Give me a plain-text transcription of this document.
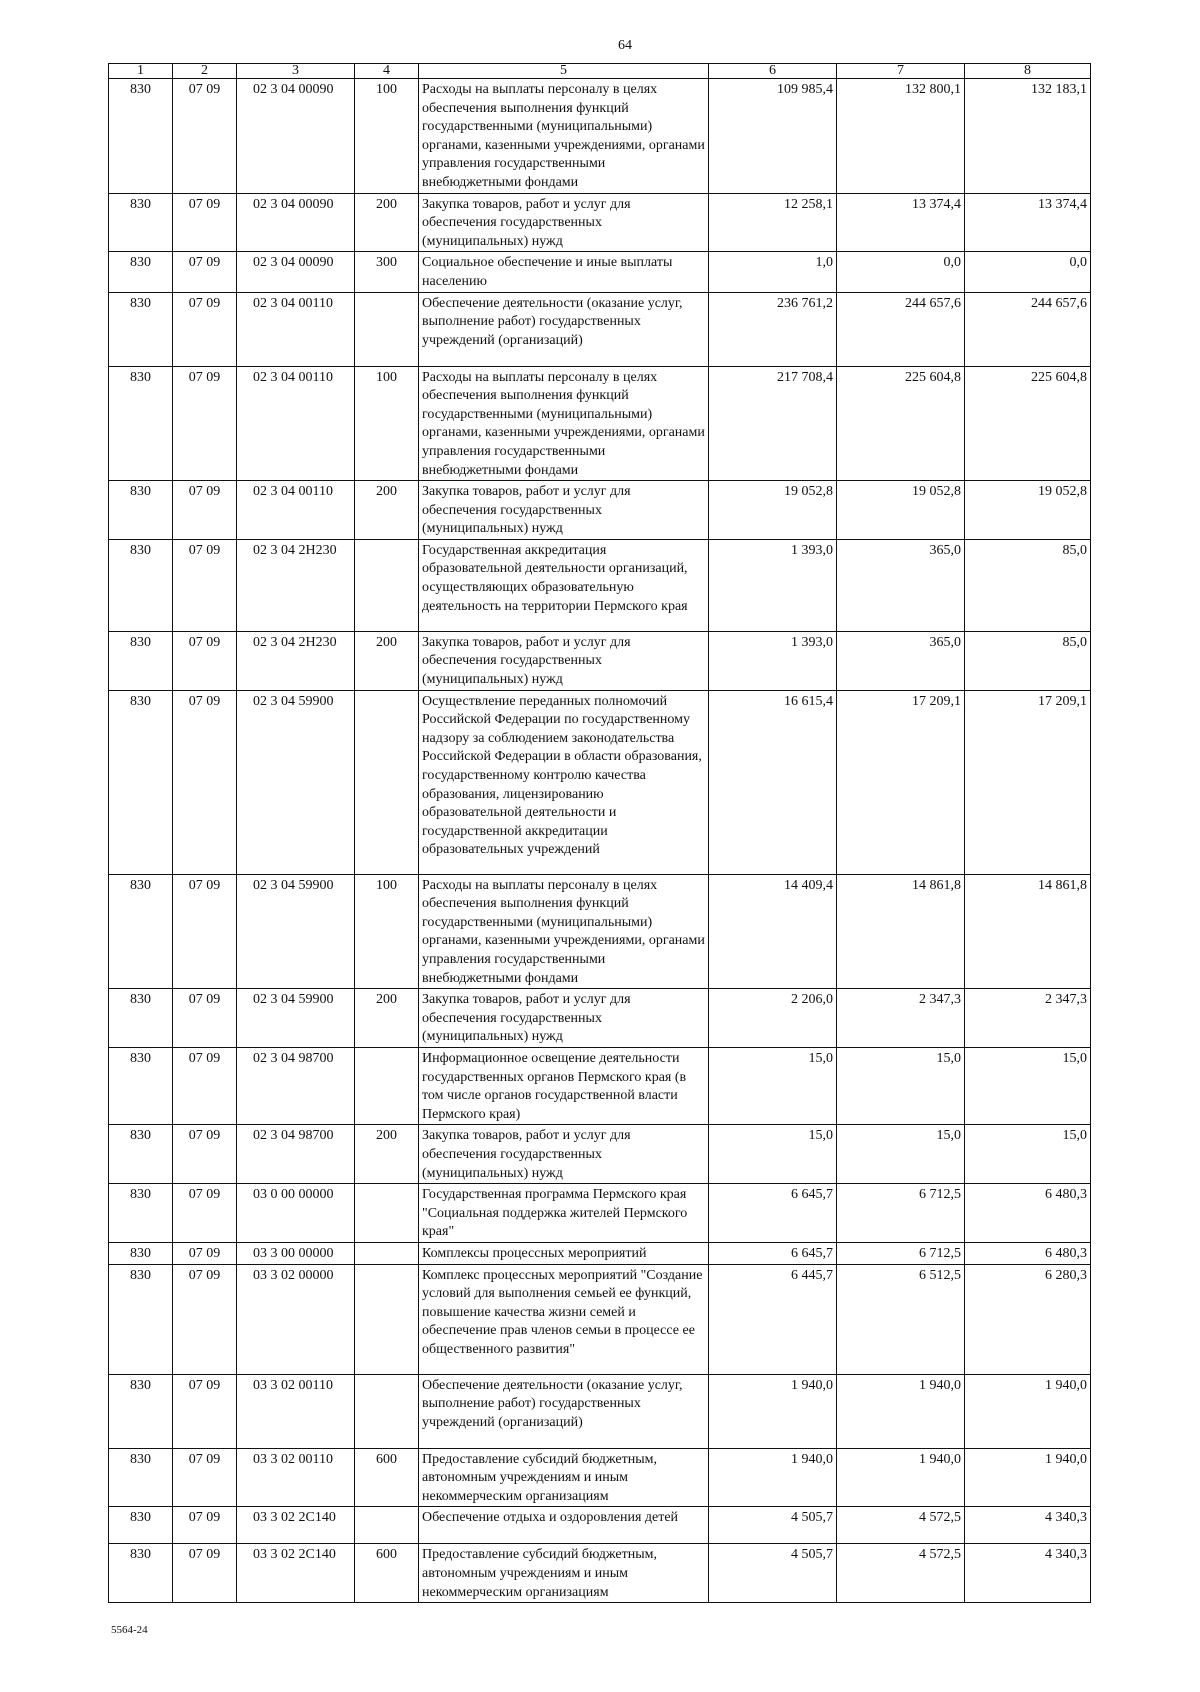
64
1	2	3	4	5	6	7	8
830	07 09	02 3 04 00090	100	Расходы на выплаты персоналу в целях обеспечения выполнения функций государственными (муниципальными) органами, казенными учреждениями, органами управления государственными внебюджетными фондами	109 985,4	132 800,1	132 183,1
830	07 09	02 3 04 00090	200	Закупка товаров, работ и услуг для обеспечения государственных (муниципальных) нужд	12 258,1	13 374,4	13 374,4
830	07 09	02 3 04 00090	300	Социальное обеспечение и иные выплаты населению	1,0	0,0	0,0
830	07 09	02 3 04 00110		Обеспечение деятельности (оказание услуг, выполнение работ) государственных учреждений (организаций)	236 761,2	244 657,6	244 657,6
830	07 09	02 3 04 00110	100	Расходы на выплаты персоналу в целях обеспечения выполнения функций государственными (муниципальными) органами, казенными учреждениями, органами управления государственными внебюджетными фондами	217 708,4	225 604,8	225 604,8
830	07 09	02 3 04 00110	200	Закупка товаров, работ и услуг для обеспечения государственных (муниципальных) нужд	19 052,8	19 052,8	19 052,8
830	07 09	02 3 04 2Н230		Государственная аккредитация образовательной деятельности организаций, осуществляющих образовательную деятельность на территории Пермского края	1 393,0	365,0	85,0
830	07 09	02 3 04 2Н230	200	Закупка товаров, работ и услуг для обеспечения государственных (муниципальных) нужд	1 393,0	365,0	85,0
830	07 09	02 3 04 59900		Осуществление переданных полномочий Российской Федерации по государственному надзору за соблюдением законодательства Российской Федерации в области образования, государственному контролю качества образования, лицензированию образовательной деятельности и государственной аккредитации образовательных учреждений	16 615,4	17 209,1	17 209,1
830	07 09	02 3 04 59900	100	Расходы на выплаты персоналу в целях обеспечения выполнения функций государственными (муниципальными) органами, казенными учреждениями, органами управления государственными внебюджетными фондами	14 409,4	14 861,8	14 861,8
830	07 09	02 3 04 59900	200	Закупка товаров, работ и услуг для обеспечения государственных (муниципальных) нужд	2 206,0	2 347,3	2 347,3
830	07 09	02 3 04 98700		Информационное освещение деятельности государственных органов Пермского края (в том числе органов государственной власти Пермского края)	15,0	15,0	15,0
830	07 09	02 3 04 98700	200	Закупка товаров, работ и услуг для обеспечения государственных (муниципальных) нужд	15,0	15,0	15,0
830	07 09	03 0 00 00000		Государственная программа Пермского края "Социальная поддержка жителей Пермского края"	6 645,7	6 712,5	6 480,3
830	07 09	03 3 00 00000		Комплексы процессных мероприятий	6 645,7	6 712,5	6 480,3
830	07 09	03 3 02 00000		Комплекс процессных мероприятий "Создание условий для выполнения семьей ее функций, повышение качества жизни семей и обеспечение прав членов семьи в процессе ее общественного развития"	6 445,7	6 512,5	6 280,3
830	07 09	03 3 02 00110		Обеспечение деятельности (оказание услуг, выполнение работ) государственных учреждений (организаций)	1 940,0	1 940,0	1 940,0
830	07 09	03 3 02 00110	600	Предоставление субсидий бюджетным, автономным учреждениям и иным некоммерческим организациям	1 940,0	1 940,0	1 940,0
830	07 09	03 3 02 2С140		Обеспечение отдыха и оздоровления детей	4 505,7	4 572,5	4 340,3
830	07 09	03 3 02 2С140	600	Предоставление субсидий бюджетным, автономным учреждениям и иным некоммерческим организациям	4 505,7	4 572,5	4 340,3
5564-24
